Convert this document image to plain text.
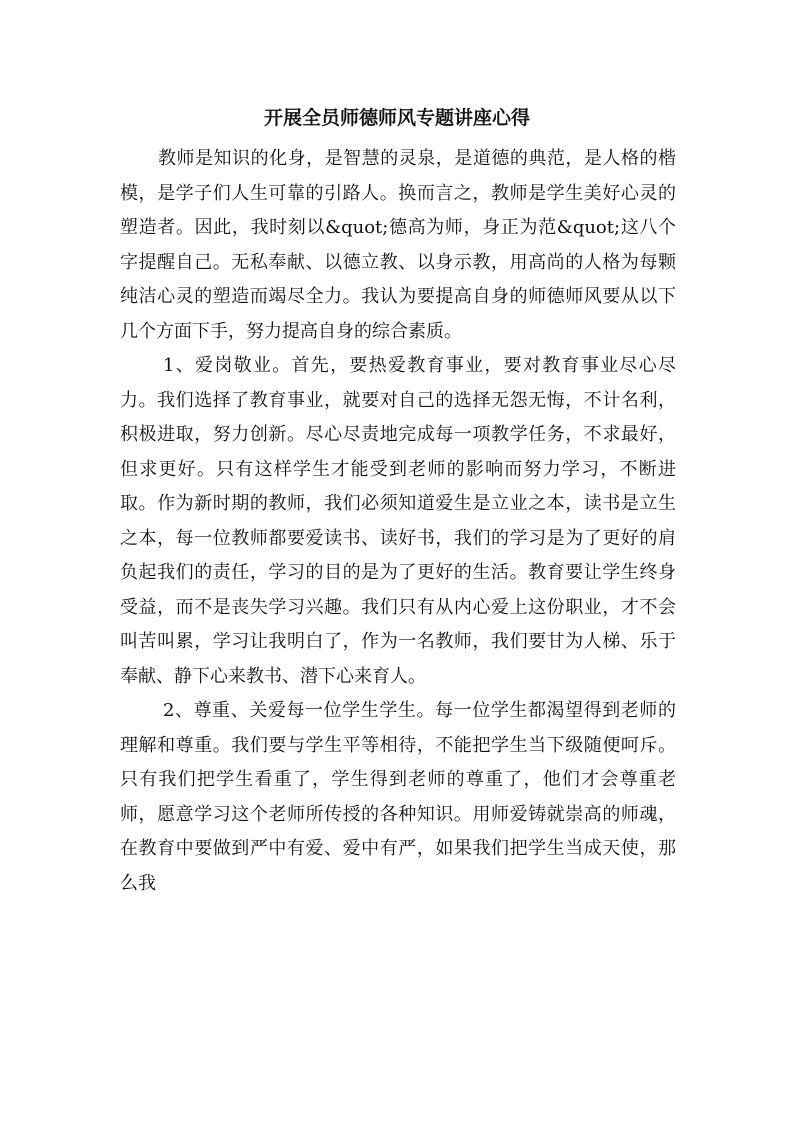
开展全员师德师风专题讲座心得

教师是知识的化身，是智慧的灵泉，是道德的典范，是人格的楷模，是学子们人生可靠的引路人。换而言之，教师是学生美好心灵的塑造者。因此，我时刻以&quot;德高为师，身正为范&quot;这八个字提醒自己。无私奉献、以德立教、以身示教，用高尚的人格为每颗纯洁心灵的塑造而竭尽全力。我认为要提高自身的师德师风要从以下几个方面下手，努力提高自身的综合素质。

1、爱岗敬业。首先，要热爱教育事业，要对教育事业尽心尽力。我们选择了教育事业，就要对自己的选择无怨无悔，不计名利，积极进取，努力创新。尽心尽责地完成每一项教学任务，不求最好，但求更好。只有这样学生才能受到老师的影响而努力学习，不断进取。作为新时期的教师，我们必须知道爱生是立业之本，读书是立生之本，每一位教师都要爱读书、读好书，我们的学习是为了更好的肩负起我们的责任，学习的目的是为了更好的生活。教育要让学生终身受益，而不是丧失学习兴趣。我们只有从内心爱上这份职业，才不会叫苦叫累，学习让我明白了，作为一名教师，我们要甘为人梯、乐于奉献、静下心来教书、潜下心来育人。

2、尊重、关爱每一位学生学生。每一位学生都渴望得到老师的理解和尊重。我们要与学生平等相待，不能把学生当下级随便呵斥。只有我们把学生看重了，学生得到老师的尊重了，他们才会尊重老师，愿意学习这个老师所传授的各种知识。用师爱铸就崇高的师魂，在教育中要做到严中有爱、爱中有严，如果我们把学生当成天使，那么我
